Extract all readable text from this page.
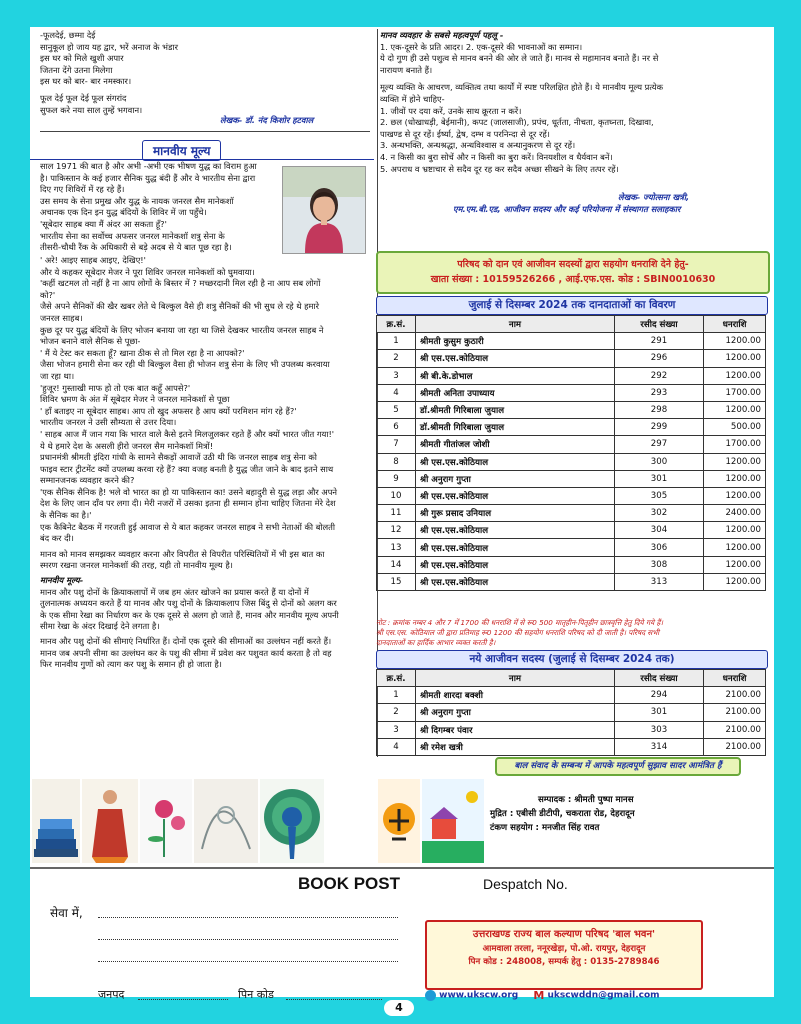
-फूलदेई, छम्मा देई

सानुकूल हो जाय यह द्वार, भरें अनाज के भंडार

इस घर को मिले खुशी अपार

जितना देंगे उतना मिलेगा

इस घर को बार- बार नमस्कार।

फूल देई फूल देई फूल संगरांद

सुफल करे नया साल तुम्हें भगवान।

लेखक- डॉ. नंद किशोर हटवाल
मानवीय मूल्य

साल 1971 की बात है और अभी -अभी एक भीषण युद्ध का विराम हुआ

है। पाकिस्तान के कई हजार सैनिक युद्ध बंदी हैं और वे भारतीय सेना द्वारा

दिए गए शिविरों में रह रहे हैं।

उस समय के सेना प्रमुख और युद्ध के नायक जनरल सैम मानेकशॉ

अचानक एक दिन इन युद्ध बंदियों के शिविर में जा पहुँचे।

'सूबेदार साहब क्या मैं अंदर आ सकता हूँ?'

भारतीय सेना का सर्वोच्च अफसर जनरल मानेकशॉ शत्रु सेना के

तीसरी-चौथी रैंक के अधिकारी से बड़े अदब से ये बात पूछ रहा है।

' अरे! आइए साहब आइए, देखिए!'

और ये कहकर सूबेदार मेजर ने पूरा शिविर जनरल मानेकशॉ को घुमवाया।

'कहीं खटमल तो नहीं है ना आप लोगों के बिस्तर में ? मच्छरदानी मिल रही है ना आप सब लोगों

को?'

जैसे अपने सैनिकों की खैर खबर लेते थे बिल्कुल वैसे ही शत्रु सैनिकों की भी सुध ले रहे थे हमारे

जनरल साहब।

कुछ दूर पर युद्ध बंदियों के लिए भोजन बनाया जा रहा था जिसे देखकर भारतीय जनरल साहब ने

भोजन बनाने वाले सैनिक से पूछा-

' मैं ये टेस्ट कर सकता हूँ? खाना ठीक से तो मिल रहा है ना आपको?'

जैसा भोजन हमारी सेना कर रही थी बिल्कुल वैसा ही भोजन शत्रु सेना के लिए भी उपलब्ध करवाया

जा रहा था।

'हुजूर! गुस्ताखी माफ हो तो एक बात कहूँ आपसे?'

शिविर भ्रमण के अंत में सूबेदार मेजर ने जनरल मानेकशॉ से पूछा

' हाँ बताइए ना सूबेदार साहब। आप तो खुद अफसर है आप क्यों परमिशन मांग रहे हैं?'

भारतीय जनरल ने उसी सौम्यता से उत्तर दिया।

' साहब आज मैं जान गया कि भारत वाले कैसे इतने मिलजुलकर रहते हैं और क्यों भारत जीत गया!'

ये थे हमारे देश के असली हीरो जनरल सैम मानेकशॉ मित्रों!

प्रधानमंत्री श्रीमती इंदिरा गांधी के सामने सैकड़ों आवाजें उठी थी कि जनरल साहब शत्रु सेना को

फाइव स्टार ट्रीटमेंट क्यों उपलब्ध करवा रहे हैं? क्या वजह बनती है युद्ध जीत जाने के बाद इतने साथ

सम्मानजनक व्यवहार करने की?

'एक सैनिक सैनिक है! भले वो भारत का हो या पाकिस्तान का! उसने बहादुरी से युद्ध लड़ा और अपने

देश के लिए जान दाँव पर लगा दी। मेरी नजरों में उसका इतना ही सम्मान होना चाहिए जितना मेरे देश

के सैनिक का है।'

एक कैबिनेट बैठक में गरजती हुई आवाज से ये बात कहकर जनरल साहब ने सभी नेताओं की बोलती

बंद कर दी।

मानव को मानव समझकर व्यवहार करना और विपरीत से विपरीत परिस्थितियों में भी इस बात का

स्मरण रखना जनरल मानेकशॉ की तरह, यही तो मानवीय मूल्य है।

मानवीय मूल्य-

मानव और पशु दोनों के क्रियाकलापों में जब हम अंतर खोजने का प्रयास करते हैं या दोनों में

तुलनात्मक अध्ययन करते हैं या मानव और पशु दोनों के क्रियाकलाप जिस बिंदु से दोनों को अलग कर

के एक सीमा रेखा का निर्धारण कर के एक दूसरे से अलग हो जाते हैं, मानव और मानवीय मूल्य अपनी

सीमा रेखा के अंदर दिखाई देने लगता है।

मानव और पशु दोनों की सीमाएं निर्धारित हैं। दोनों एक दूसरे की सीमाओं का उल्लंघन नहीं करते हैं।

मानव जब अपनी सीमा का उल्लंघन कर के पशु की सीमा में प्रवेश कर पशुवत कार्य करता है तो वह

फिर मानवीय गुणों को त्याग कर पशु के समान ही हो जाता है।

मानव व्यवहार के सबसे महत्वपूर्ण पहलू -

1. एक-दूसरे के प्रति आदर। 2. एक-दूसरे की भावनाओं का सम्मान।

ये दो गुण ही उसे पशुत्व से मानव बनने की ओर ले जाते हैं। मानव से महामानव बनाते हैं। नर से

नारायण बनाते हैं।

मूल्य व्यक्ति के आचरण, व्यक्तित्व तथा कार्यों में स्पष्ट परिलक्षित होते हैं। ये मानवीय मूल्य प्रत्येक

व्यक्ति में होने चाहिए-

1. जीवों पर दया करें, उनके साथ क्रूरता न करें।

2. छल (धोखाधड़ी, बेईमानी), कपट (जालसाजी), प्रपंच, धूर्तता, नीचता, कृतघ्नता, दिखावा,

पाखण्ड से दूर रहें। ईर्ष्या, द्वेष, दम्भ व परनिन्दा से दूर रहें।

3. अन्धभक्ति, अन्धश्रद्धा, अन्धविश्वास व अन्धानुकरण से दूर रहें।

4. न किसी का बुरा सोचें और न किसी का बुरा करें। विनयशील व धैर्यवान बनें।

5. अपराध व भ्रष्टाचार से सदैव दूर रह कर सदैव अच्छा सीखने के लिए तत्पर रहें।

लेखक- ज्योत्सना खत्री,
एम.एम.बी.एड, आजीवन सदस्य और कई परियोजना में संस्थागत सलाहकार
परिषद को दान एवं आजीवन सदस्यों द्वारा सहयोग धनराशि देने हेतु-
खाता संख्या : 10159526266 , आई.एफ.एस. कोड : SBIN0010630
जुलाई से दिसम्बर 2024 तक दानदाताओं का विवरण
क्र.सं.	नाम	रसीद संख्या	धनराशि
1	श्रीमती कुसुम कुठारी	291	1200.00
2	श्री एस.एस.कोठियाल	296	1200.00
3	श्री बी.के.डोभाल	292	1200.00
4	श्रीमती अनिता उपाध्याय	293	1700.00
5	डॉ.श्रीमती गिरिबाला जुयाल	298	1200.00
6	डॉ.श्रीमती गिरिबाला जुयाल	299	500.00
7	श्रीमती गीतांजल जोशी	297	1700.00
8	श्री एस.एस.कोठियाल	300	1200.00
9	श्री अनुराग गुप्ता	301	1200.00
10	श्री एस.एस.कोठियाल	305	1200.00
11	श्री गुरू प्रसाद उनियाल	302	2400.00
12	श्री एस.एस.कोठियाल	304	1200.00
13	श्री एस.एस.कोठियाल	306	1200.00
14	श्री एस.एस.कोठियाल	308	1200.00
15	श्री एस.एस.कोठियाल	313	1200.00
नोट : क्रमांक नम्बर 4 और 7 में 1700 की धनराशि में से रू0 500 मातृहीन-पितृहीन छात्रवृत्ति हेतु दिये गये हैं।
श्री एस.एस. कोठियाल जी द्वारा प्रतिमाह रू0 1200 की सहयोग धनराशि परिषद को दी जाती है। परिषद सभी
दानदाताओं का हार्दिक आभार व्यक्त करती है।
नये आजीवन सदस्य (जुलाई से दिसम्बर 2024 तक)
क्र.सं.	नाम	रसीद संख्या	धनराशि
1	श्रीमती शारदा बक्शी	294	2100.00
2	श्री अनुराग गुप्ता	301	2100.00
3	श्री दिगम्बर पंवार	303	2100.00
4	श्री रमेश खत्री	314	2100.00
बाल संवाद के सम्बन्ध में आपके महत्वपूर्ण सुझाव सादर आमंत्रित हैं
सम्पादक : श्रीमती पुष्पा मानस
मुद्रित : एबीसी डीटीपी, चकराता रोड, देहरादून
टंकण सहयोग : मनजीत सिंह रावत
BOOK POST	Despatch No.
सेवा में,
जनपद	पिन कोड
उत्तराखण्ड राज्य बाल कल्याण परिषद 'बाल भवन'
आमवाला तरला, ननूरखेड़ा, पो.ओ. रायपुर, देहरादून
पिन कोड : 248008, सम्पर्क हेतु : 0135-2789846
www.ukscw.org M ukscwddn@gmail.com
4
